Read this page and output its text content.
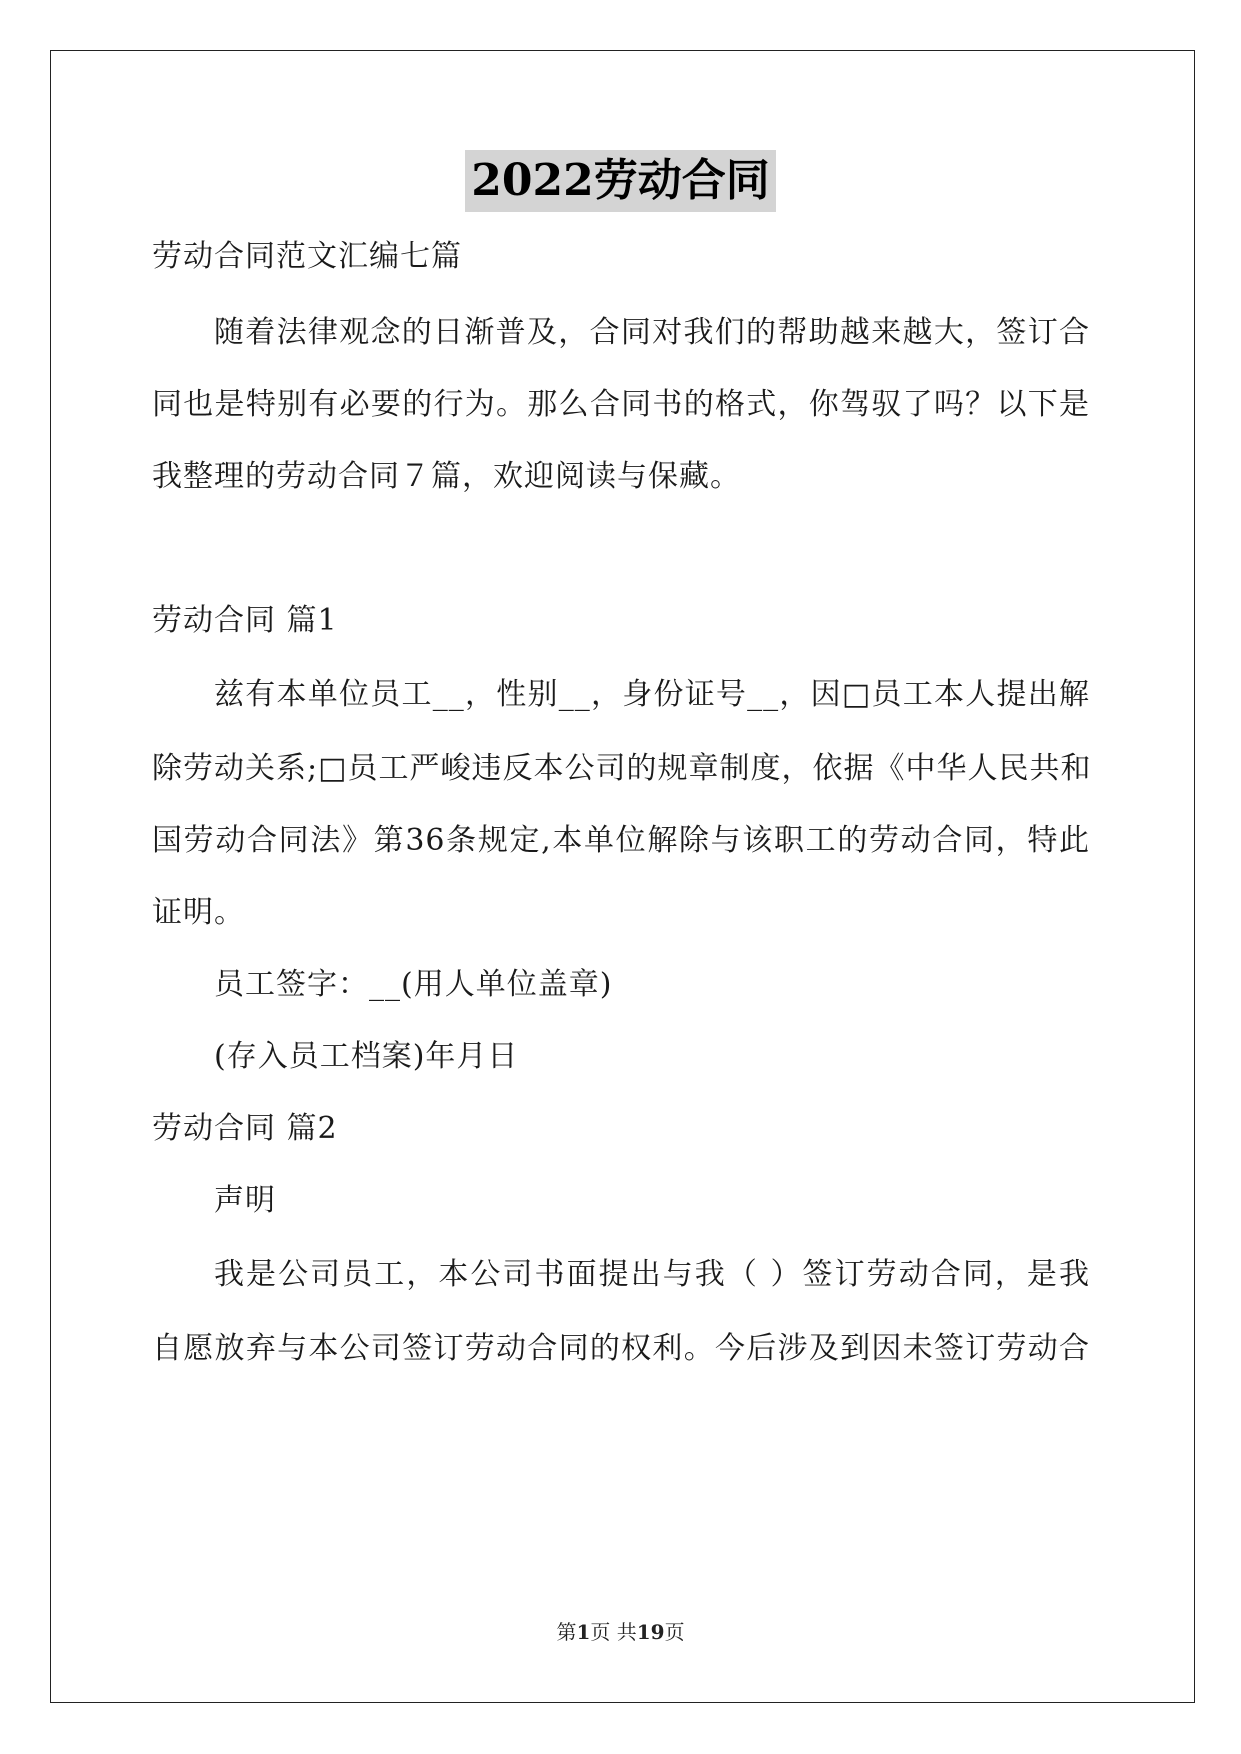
2022劳动合同
劳动合同范文汇编七篇
随着法律观念的日渐普及，合同对我们的帮助越来越大，签订合
同也是特别有必要的行为。那么合同书的格式，你驾驭了吗？以下是
我整理的劳动合同７篇，欢迎阅读与保藏。
劳动合同 篇1
兹有本单位员工__，性别__，身份证号__，因□员工本人提出解
除劳动关系;□员工严峻违反本公司的规章制度，依据《中华人民共和
国劳动合同法》第36条规定,本单位解除与该职工的劳动合同，特此
证明。
员工签字：__(用人单位盖章)
(存入员工档案)年月日
劳动合同 篇2
声明
我是公司员工，本公司书面提出与我（ ）签订劳动合同，是我
自愿放弃与本公司签订劳动合同的权利。今后涉及到因未签订劳动合
第1页 共19页
